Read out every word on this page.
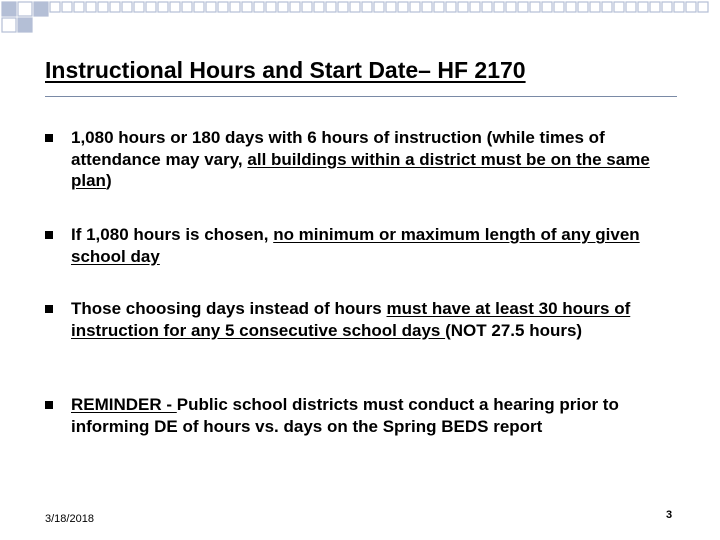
Instructional Hours and Start Date– HF 2170
1,080 hours or 180 days with 6 hours of instruction (while times of attendance may vary, all buildings within a district must be on the same plan)
If 1,080 hours is chosen, no minimum or maximum length of any given school day
Those choosing days instead of hours must have at least 30 hours of instruction for any 5 consecutive school days (NOT 27.5 hours)
REMINDER - Public school districts must conduct a hearing prior to informing DE of hours vs. days on the Spring BEDS report
3/18/2018	3
